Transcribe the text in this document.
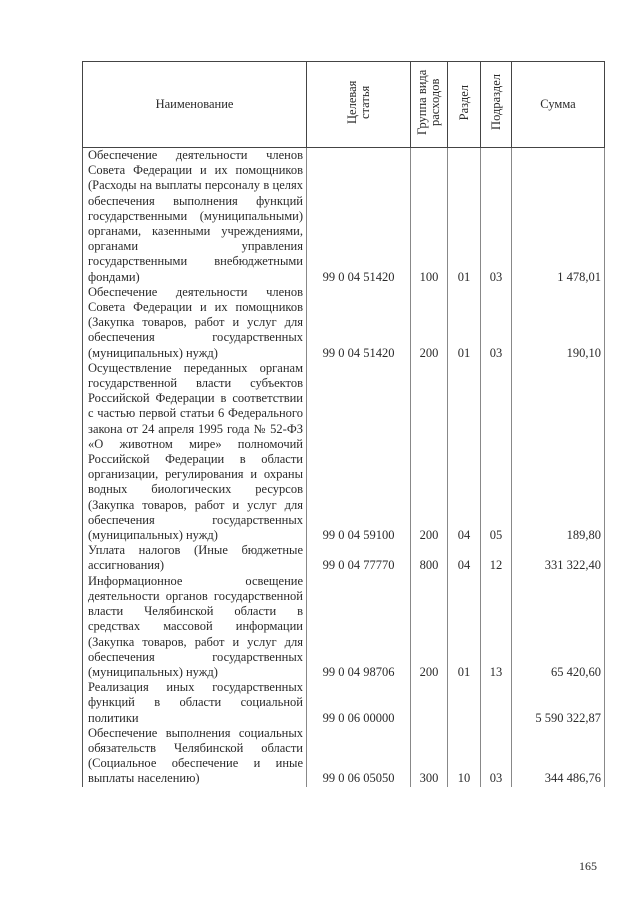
Наименование	Целевая статья	Группа вида расходов	Раздел	Подраздел	Сумма
Обеспечение деятельности членов Совета Федерации и их помощников (Расходы на выплаты персоналу в целях обеспечения выполнения функций государственными (муниципальными) органами, казенными учреждениями, органами управления государственными внебюджетными фондами)	99 0 04 51420	100	01	03	1 478,01
Обеспечение деятельности членов Совета Федерации и их помощников (Закупка товаров, работ и услуг для обеспечения государственных (муниципальных) нужд)	99 0 04 51420	200	01	03	190,10
Осуществление переданных органам государственной власти субъектов Российской Федерации в соответствии с частью первой статьи 6 Федерального закона от 24 апреля 1995 года № 52-ФЗ «О животном мире» полномочий Российской Федерации в области организации, регулирования и охраны водных биологических ресурсов (Закупка товаров, работ и услуг для обеспечения государственных (муниципальных) нужд)	99 0 04 59100	200	04	05	189,80
Уплата налогов (Иные бюджетные ассигнования)	99 0 04 77770	800	04	12	331 322,40
Информационное освещение деятельности органов государственной власти Челябинской области в средствах массовой информации (Закупка товаров, работ и услуг для обеспечения государственных (муниципальных) нужд)	99 0 04 98706	200	01	13	65 420,60
Реализация иных государственных функций в области социальной политики	99 0 06 00000				5 590 322,87
Обеспечение выполнения социальных обязательств Челябинской области (Социальное обеспечение и иные выплаты населению)	99 0 06 05050	300	10	03	344 486,76
165
